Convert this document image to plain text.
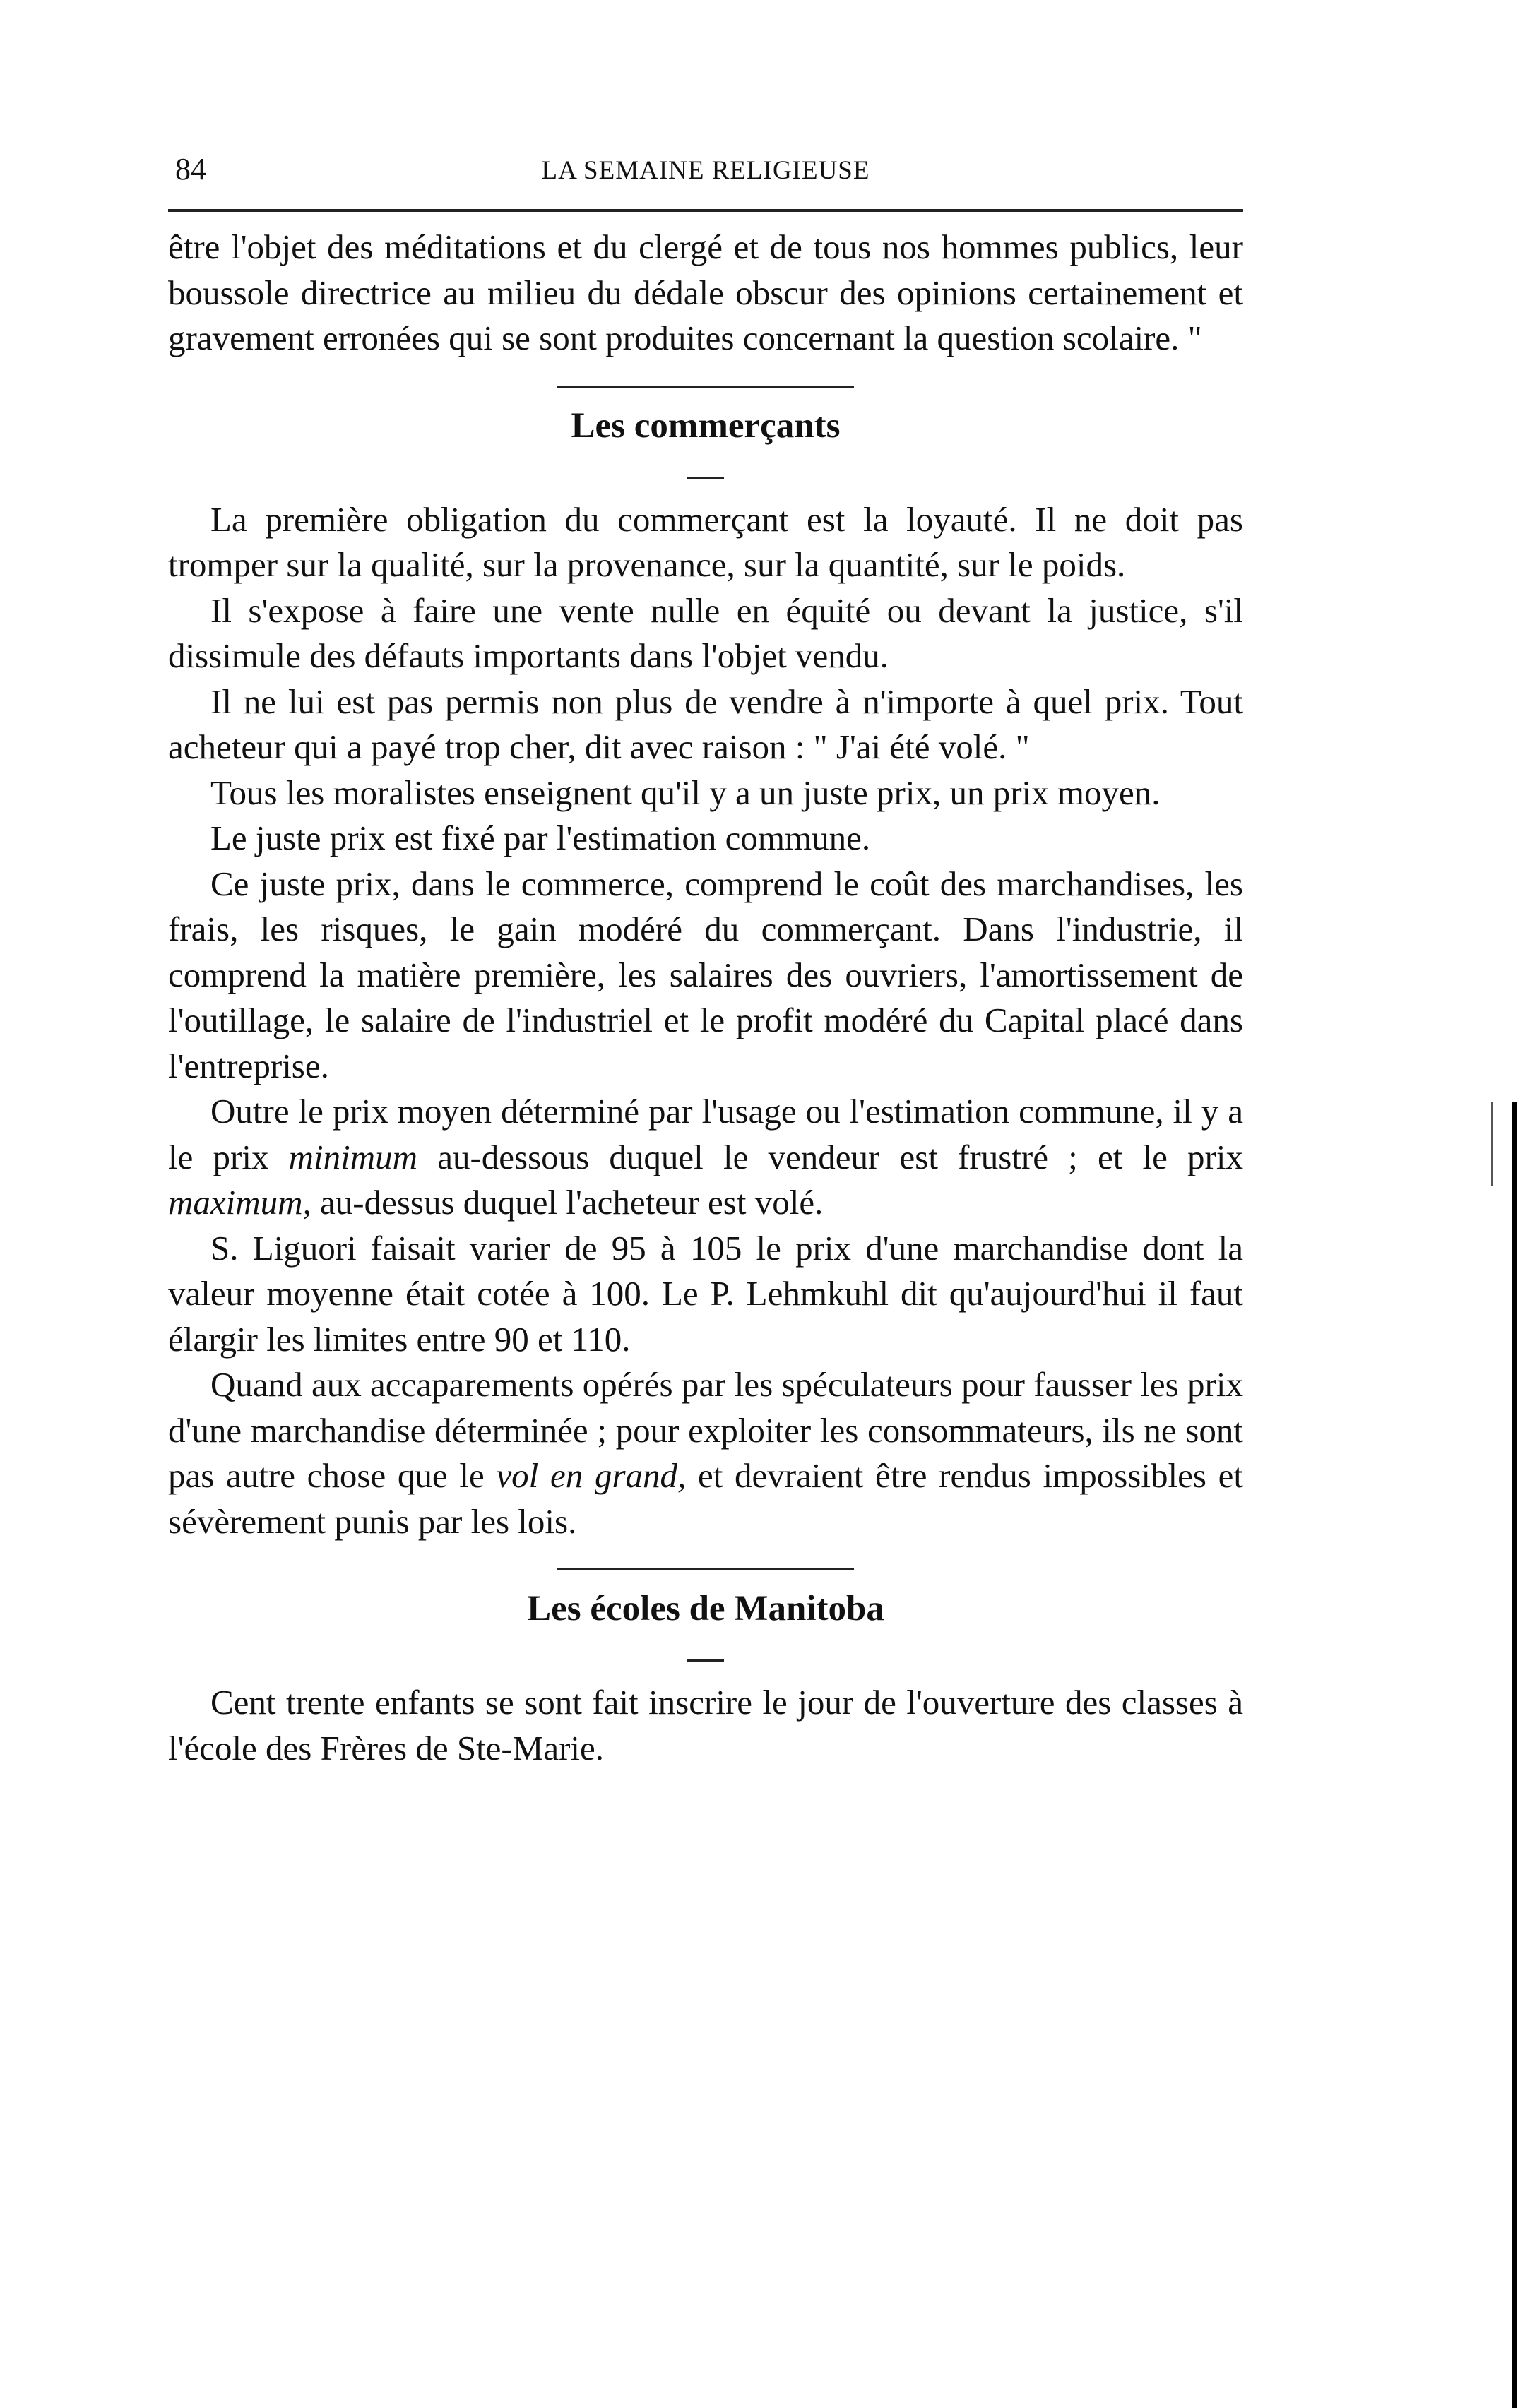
84	LA SEMAINE RELIGIEUSE

être l'objet des méditations et du clergé et de tous nos hommes publics, leur boussole directrice au milieu du dédale obscur des opinions certainement et gravement erronées qui se sont produites concernant la question scolaire. "

Les commerçants

La première obligation du commerçant est la loyauté. Il ne doit pas tromper sur la qualité, sur la provenance, sur la quantité, sur le poids.

Il s'expose à faire une vente nulle en équité ou devant la justice, s'il dissimule des défauts importants dans l'objet vendu.

Il ne lui est pas permis non plus de vendre à n'importe à quel prix. Tout acheteur qui a payé trop cher, dit avec raison : " J'ai été volé. "

Tous les moralistes enseignent qu'il y a un juste prix, un prix moyen.

Le juste prix est fixé par l'estimation commune.

Ce juste prix, dans le commerce, comprend le coût des marchandises, les frais, les risques, le gain modéré du commerçant. Dans l'industrie, il comprend la matière première, les salaires des ouvriers, l'amortissement de l'outillage, le salaire de l'industriel et le profit modéré du Capital placé dans l'entreprise.

Outre le prix moyen déterminé par l'usage ou l'estimation commune, il y a le prix minimum au-dessous duquel le vendeur est frustré ; et le prix maximum, au-dessus duquel l'acheteur est volé.

S. Liguori faisait varier de 95 à 105 le prix d'une marchandise dont la valeur moyenne était cotée à 100. Le P. Lehmkuhl dit qu'aujourd'hui il faut élargir les limites entre 90 et 110.

Quand aux accaparements opérés par les spéculateurs pour fausser les prix d'une marchandise déterminée ; pour exploiter les consommateurs, ils ne sont pas autre chose que le vol en grand, et devraient être rendus impossibles et sévèrement punis par les lois.

Les écoles de Manitoba

Cent trente enfants se sont fait inscrire le jour de l'ouverture des classes à l'école des Frères de Ste-Marie.
